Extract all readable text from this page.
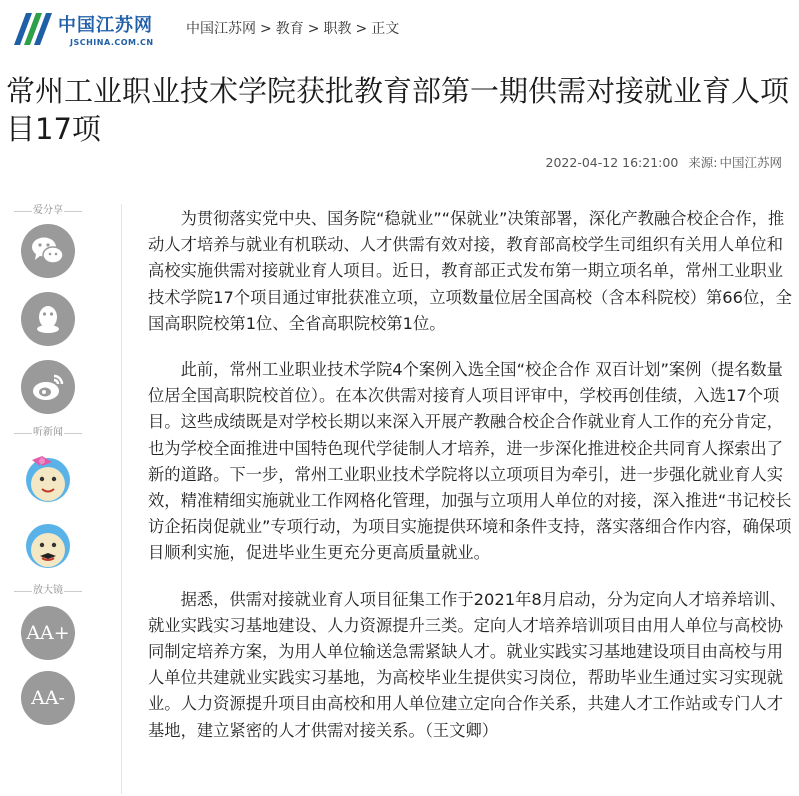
中国江苏网
JSCHINA.COM.CN
中国江苏网 > 教育 > 职教 > 正文
常州工业职业技术学院获批教育部第一期供需对接就业育人项目17项
2022-04-12 16:21:00 来源: 中国江苏网
爱分享
听新闻
放大镜
AA+
AA-

为贯彻落实党中央、国务院“稳就业”“保就业”决策部署，深化产教融合校企合作，推动人才培养与就业有机联动、人才供需有效对接，教育部高校学生司组织有关用人单位和高校实施供需对接就业育人项目。近日，教育部正式发布第一期立项名单，常州工业职业技术学院17个项目通过审批获准立项，立项数量位居全国高校（含本科院校）第66位，全国高职院校第1位、全省高职院校第1位。

此前，常州工业职业技术学院4个案例入选全国“校企合作 双百计划”案例（提名数量位居全国高职院校首位）。在本次供需对接育人项目评审中，学校再创佳绩，入选17个项目。这些成绩既是对学校长期以来深入开展产教融合校企合作就业育人工作的充分肯定，也为学校全面推进中国特色现代学徒制人才培养，进一步深化推进校企共同育人探索出了新的道路。下一步，常州工业职业技术学院将以立项项目为牵引，进一步强化就业育人实效，精准精细实施就业工作网格化管理，加强与立项用人单位的对接，深入推进“书记校长访企拓岗促就业”专项行动，为项目实施提供环境和条件支持，落实落细合作内容，确保项目顺利实施，促进毕业生更充分更高质量就业。

据悉，供需对接就业育人项目征集工作于2021年8月启动，分为定向人才培养培训、就业实践实习基地建设、人力资源提升三类。定向人才培养培训项目由用人单位与高校协同制定培养方案，为用人单位输送急需紧缺人才。就业实践实习基地建设项目由高校与用人单位共建就业实践实习基地，为高校毕业生提供实习岗位，帮助毕业生通过实习实现就业。人力资源提升项目由高校和用人单位建立定向合作关系，共建人才工作站或专门人才基地，建立紧密的人才供需对接关系。（王文卿）
